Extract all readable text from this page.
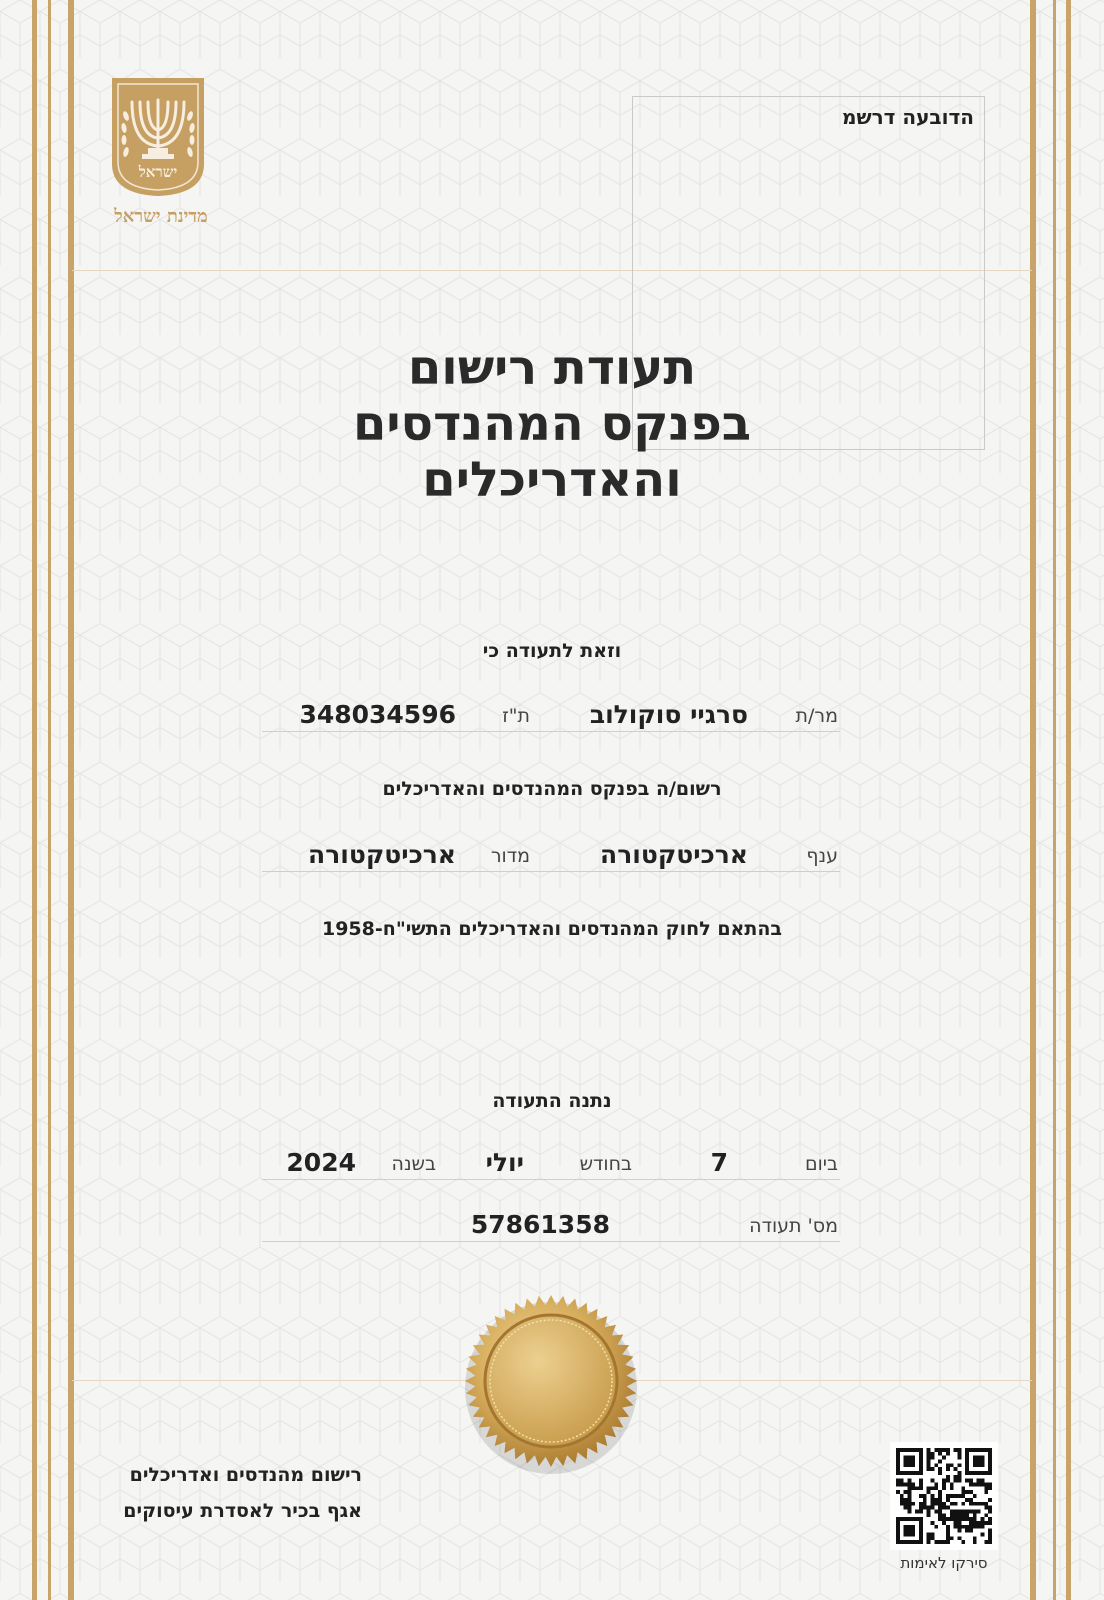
ישראל
מדינת ישראל
הדובעה דרשמ
תעודת רישום
בפנקס המהנדסים
והאדריכלים
וזאת לתעודה כי
מר/ת
סרגיי סוקולוב
ת"ז
348034596
רשום/ה בפנקס המהנדסים והאדריכלים
ענף
ארכיטקטורה
מדור
ארכיטקטורה
בהתאם לחוק המהנדסים והאדריכלים התשי"ח-1958
נתנה התעודה
ביום
7
בחודש
יולי
בשנה
2024
מס' תעודה
57861358
רישום מהנדסים ואדריכלים
אגף בכיר לאסדרת עיסוקים
סירקו לאימות
